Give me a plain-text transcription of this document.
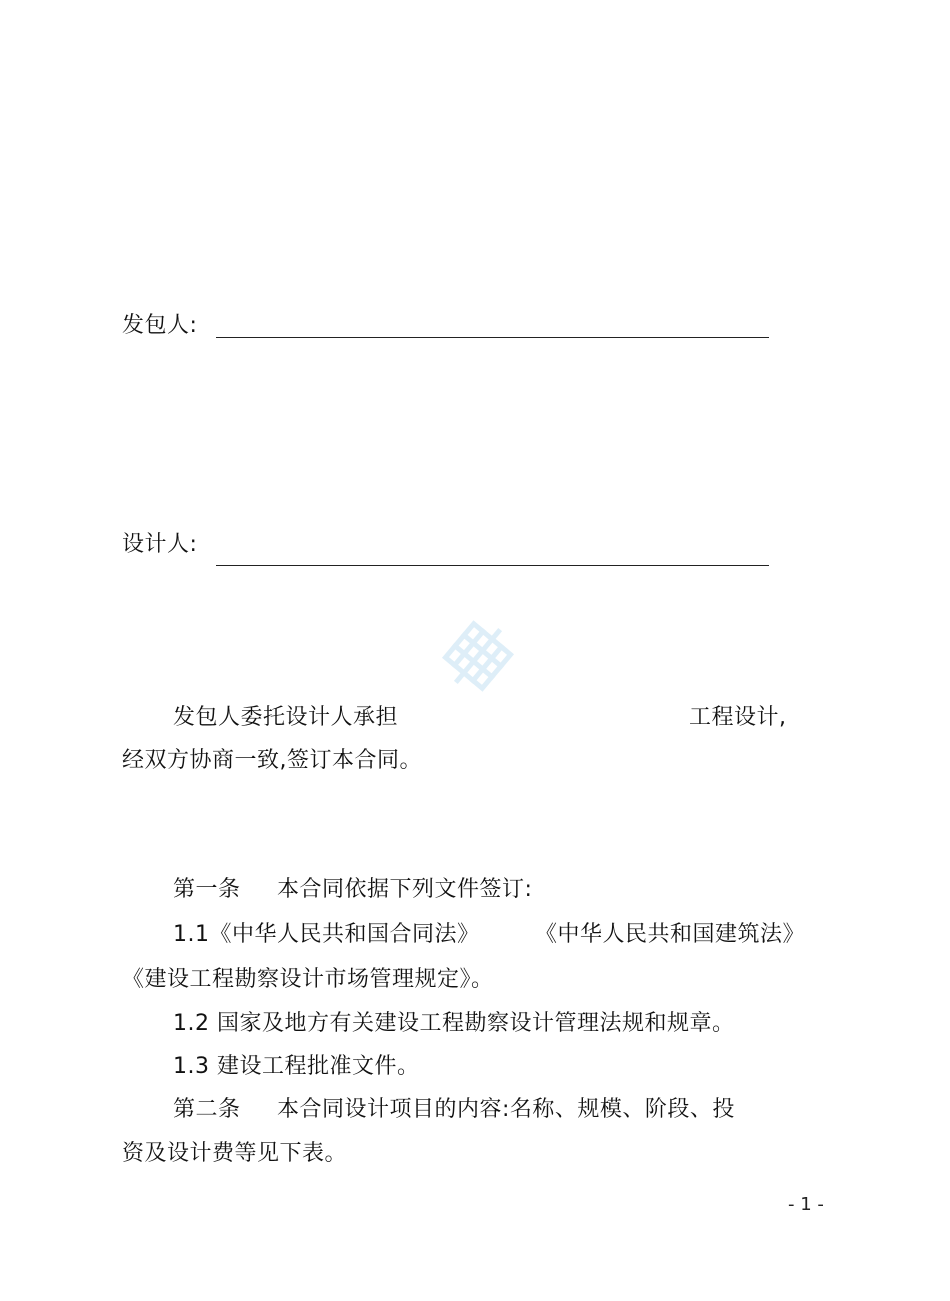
发包人:
设计人:
发包人委托设计人承担	工程设计,
经双方协商一致,签订本合同。
第一条 本合同依据下列文件签订:
1.1《中华人民共和国合同法》	《中华人民共和国建筑法》
《建设工程勘察设计市场管理规定》。
1.2 国家及地方有关建设工程勘察设计管理法规和规章。
1.3 建设工程批准文件。
第二条 本合同设计项目的内容:名称、规模、阶段、投
资及设计费等见下表。
- 1 -
